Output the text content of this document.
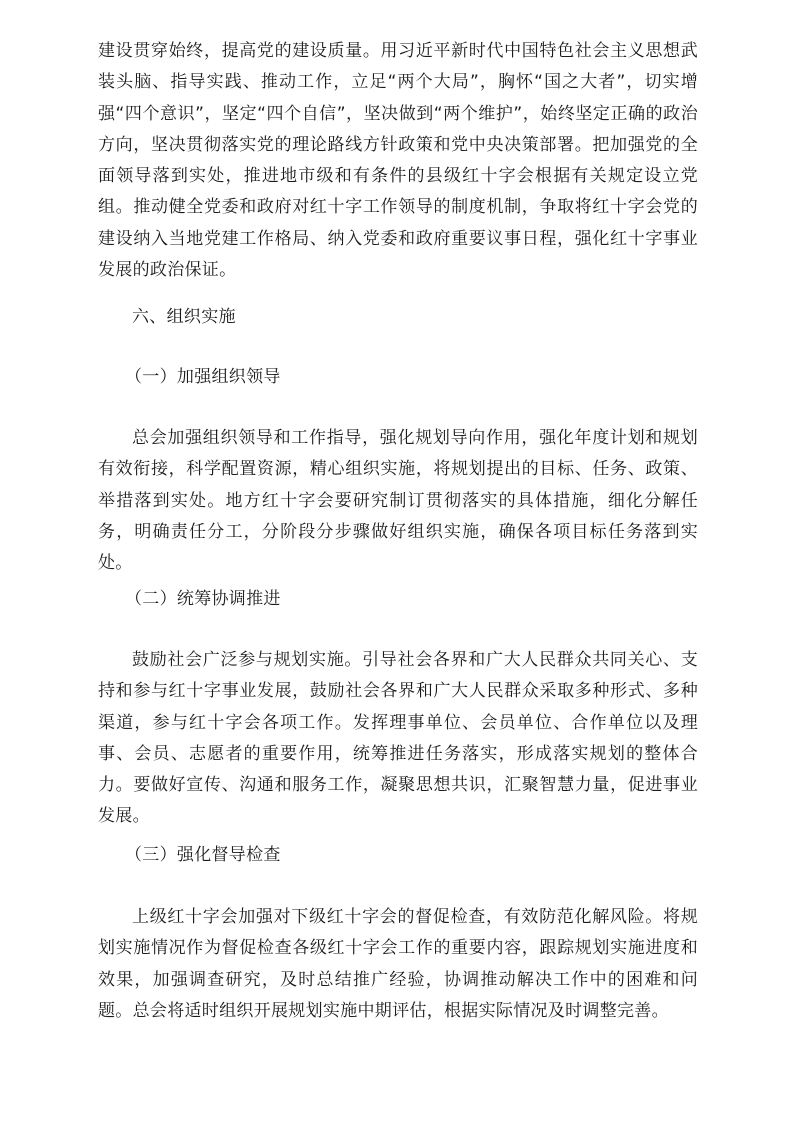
建设贯穿始终，提高党的建设质量。用习近平新时代中国特色社会主义思想武装头脑、指导实践、推动工作，立足“两个大局”，胸怀“国之大者”，切实增强“四个意识”，坚定“四个自信”，坚决做到“两个维护”，始终坚定正确的政治方向，坚决贯彻落实党的理论路线方针政策和党中央决策部署。把加强党的全面领导落到实处，推进地市级和有条件的县级红十字会根据有关规定设立党组。推动健全党委和政府对红十字工作领导的制度机制，争取将红十字会党的建设纳入当地党建工作格局、纳入党委和政府重要议事日程，强化红十字事业发展的政治保证。

六、组织实施

（一）加强组织领导

总会加强组织领导和工作指导，强化规划导向作用，强化年度计划和规划有效衔接，科学配置资源，精心组织实施，将规划提出的目标、任务、政策、举措落到实处。地方红十字会要研究制订贯彻落实的具体措施，细化分解任务，明确责任分工，分阶段分步骤做好组织实施，确保各项目标任务落到实处。

（二）统筹协调推进

鼓励社会广泛参与规划实施。引导社会各界和广大人民群众共同关心、支持和参与红十字事业发展，鼓励社会各界和广大人民群众采取多种形式、多种渠道，参与红十字会各项工作。发挥理事单位、会员单位、合作单位以及理事、会员、志愿者的重要作用，统筹推进任务落实，形成落实规划的整体合力。要做好宣传、沟通和服务工作，凝聚思想共识，汇聚智慧力量，促进事业发展。

（三）强化督导检查

上级红十字会加强对下级红十字会的督促检查，有效防范化解风险。将规划实施情况作为督促检查各级红十字会工作的重要内容，跟踪规划实施进度和效果，加强调查研究，及时总结推广经验，协调推动解决工作中的困难和问题。总会将适时组织开展规划实施中期评估，根据实际情况及时调整完善。
